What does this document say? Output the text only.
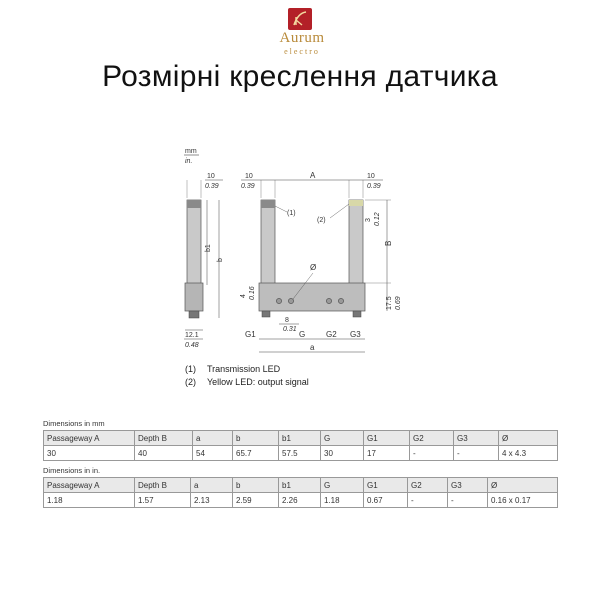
Aurum
electro
Розмірні креслення датчика
mm
in.
10
0.39
b1
b
12.1
0.48
10
0.39
A	10
0.39
(1)
(2)	3 0.12
B
17.5 0.69
Ø
4 0.16
8
0.31
G1	G	G2 G3
a
(1) Transmission LED
(2) Yellow LED: output signal
Dimensions in mm
Passageway A	Depth B	a	b	b1	G	G1	G2	G3	Ø
30	40	54	65.7	57.5	30	17	-	-	4 x 4.3
Dimensions in in.
Passageway A	Depth B	a	b	b1	G	G1	G2	G3	Ø
1.18	1.57	2.13	2.59	2.26	1.18	0.67	-	-	0.16 x 0.17
